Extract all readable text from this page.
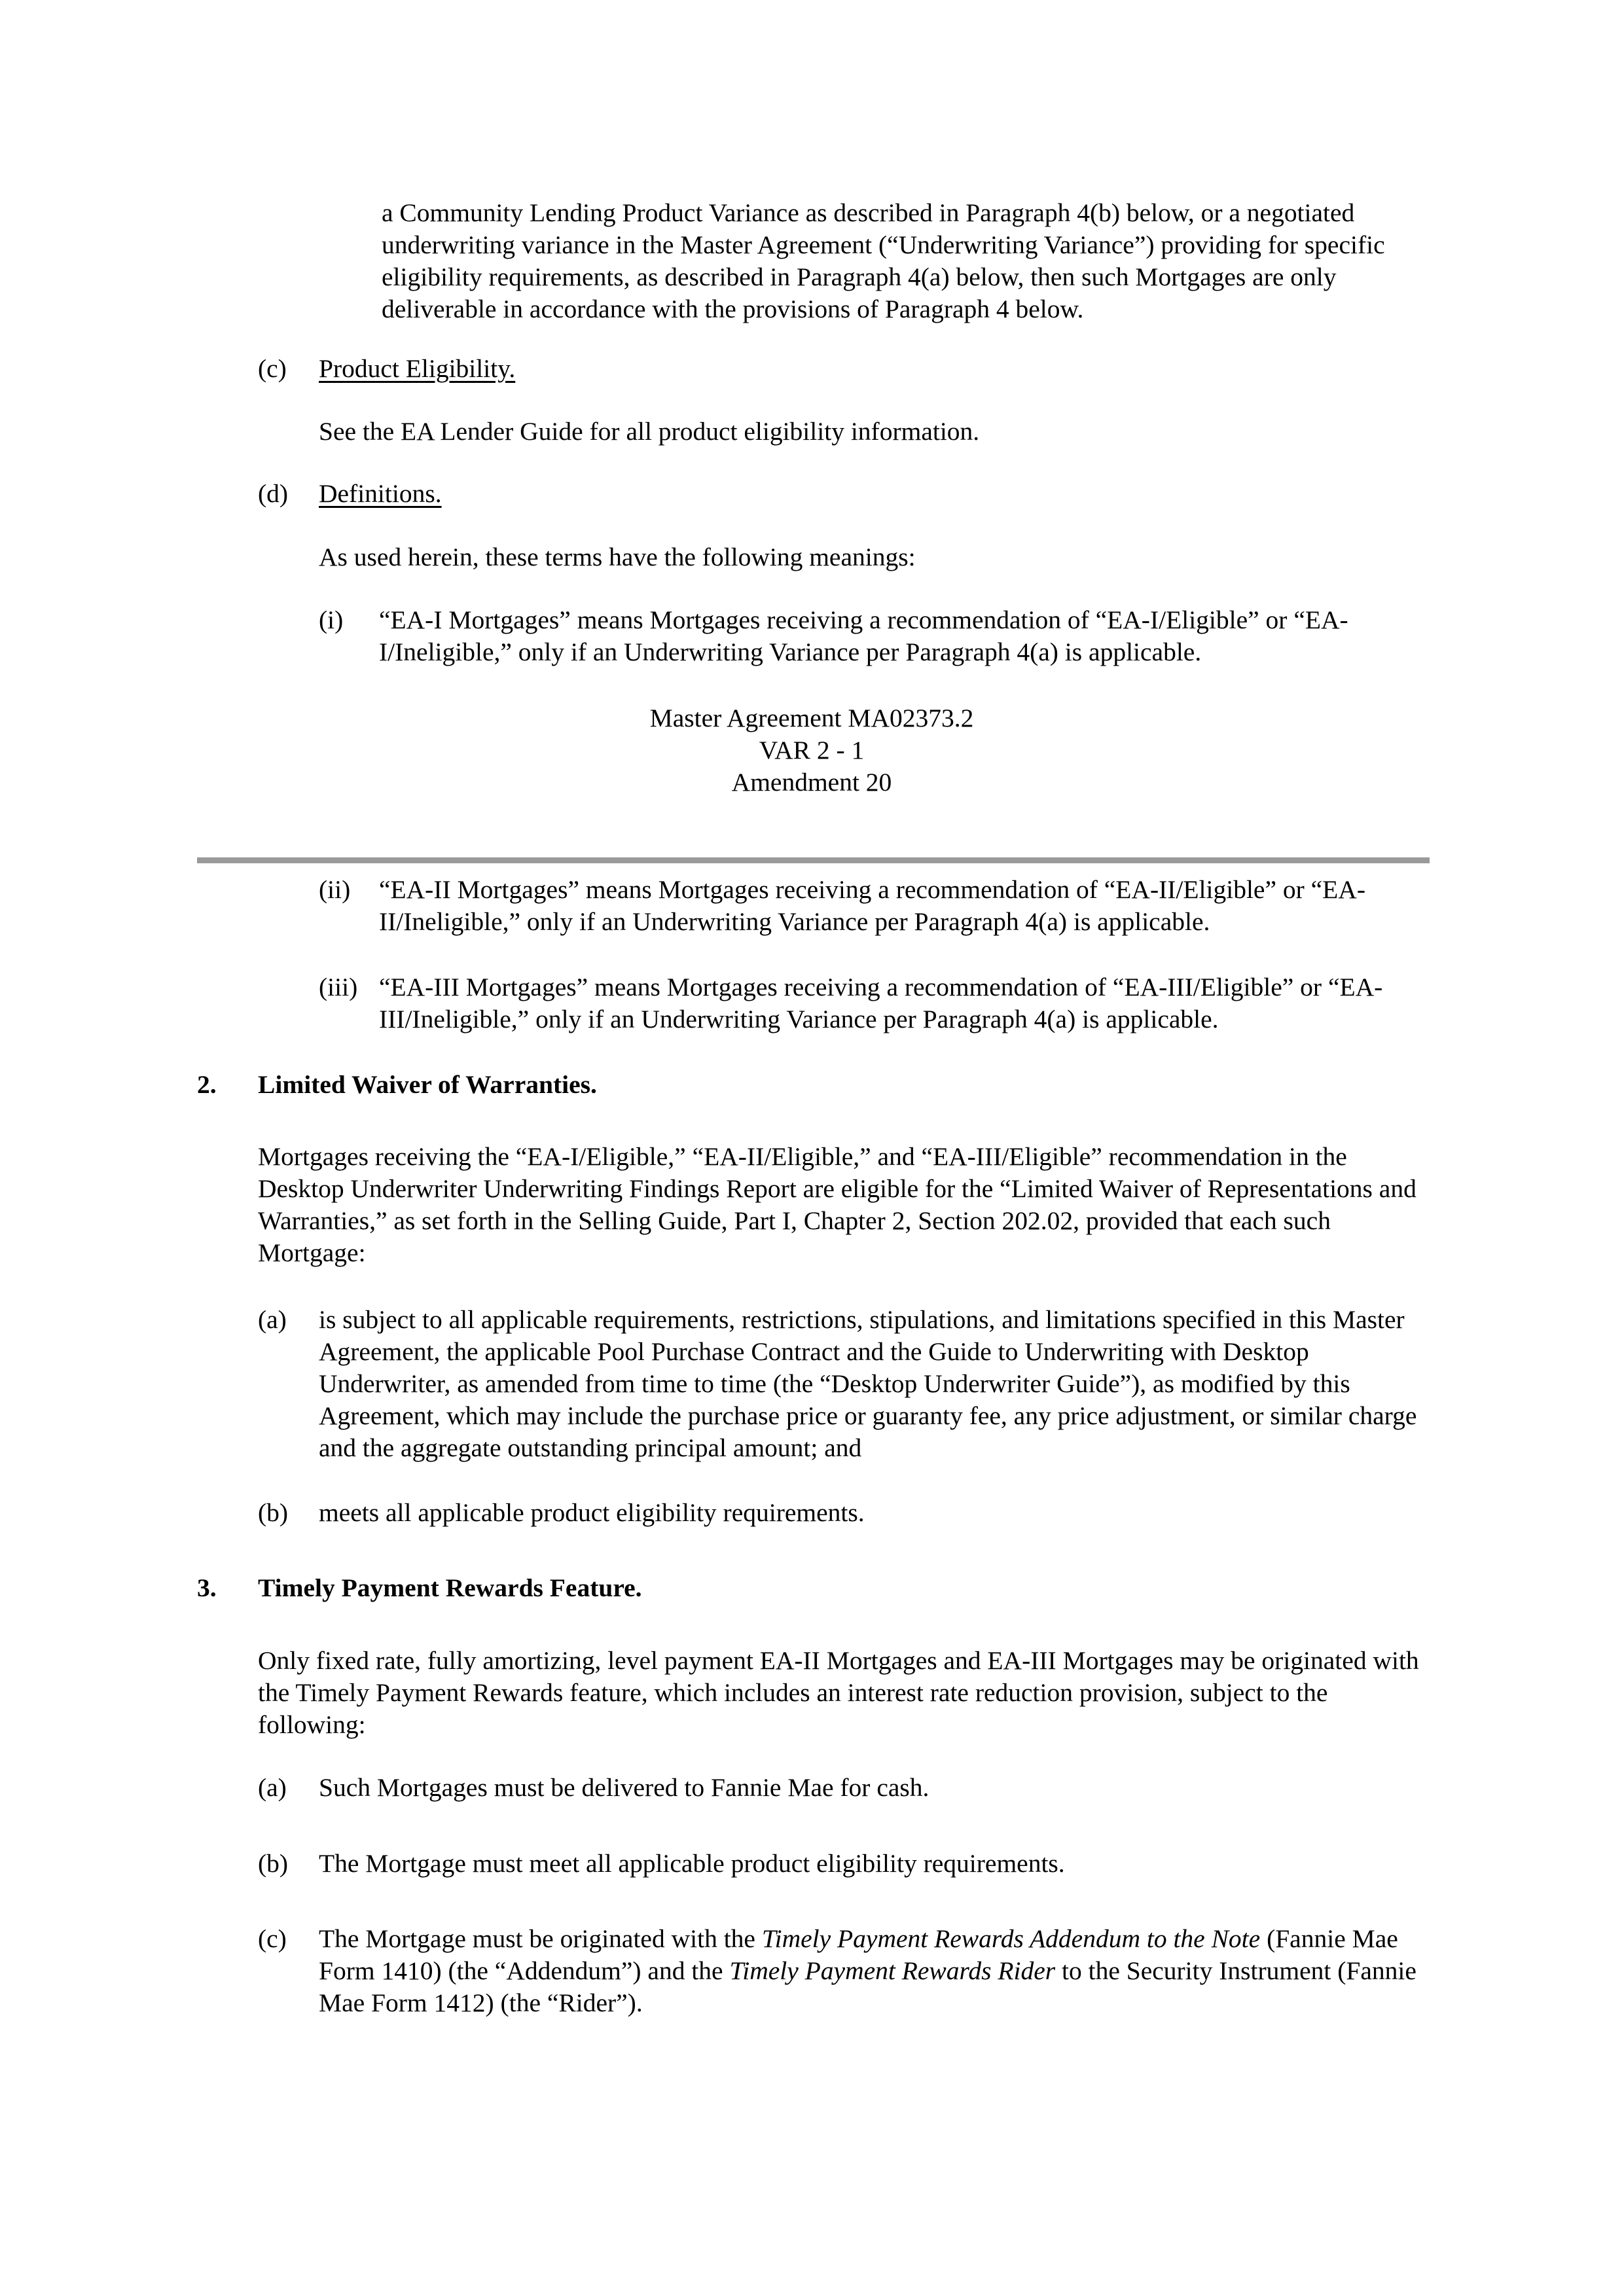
a Community Lending Product Variance as described in Paragraph 4(b) below, or a negotiated underwriting variance in the Master Agreement (“Underwriting Variance”) providing for specific eligibility requirements, as described in Paragraph 4(a) below, then such Mortgages are only deliverable in accordance with the provisions of Paragraph 4 below.

(c) Product Eligibility.

See the EA Lender Guide for all product eligibility information.

(d) Definitions.

As used herein, these terms have the following meanings:

(i) “EA-I Mortgages” means Mortgages receiving a recommendation of “EA-I/Eligible” or “EA-I/Ineligible,” only if an Underwriting Variance per Paragraph 4(a) is applicable.

Master Agreement MA02373.2
VAR 2 - 1
Amendment 20

(ii) “EA-II Mortgages” means Mortgages receiving a recommendation of “EA-II/Eligible” or “EA-II/Ineligible,” only if an Underwriting Variance per Paragraph 4(a) is applicable.

(iii) “EA-III Mortgages” means Mortgages receiving a recommendation of “EA-III/Eligible” or “EA-III/Ineligible,” only if an Underwriting Variance per Paragraph 4(a) is applicable.

2. Limited Waiver of Warranties.

Mortgages receiving the “EA-I/Eligible,” “EA-II/Eligible,” and “EA-III/Eligible” recommendation in the Desktop Underwriter Underwriting Findings Report are eligible for the “Limited Waiver of Representations and Warranties,” as set forth in the Selling Guide, Part I, Chapter 2, Section 202.02, provided that each such Mortgage:

(a) is subject to all applicable requirements, restrictions, stipulations, and limitations specified in this Master Agreement, the applicable Pool Purchase Contract and the Guide to Underwriting with Desktop Underwriter, as amended from time to time (the “Desktop Underwriter Guide”), as modified by this Agreement, which may include the purchase price or guaranty fee, any price adjustment, or similar charge and the aggregate outstanding principal amount; and

(b) meets all applicable product eligibility requirements.

3. Timely Payment Rewards Feature.

Only fixed rate, fully amortizing, level payment EA-II Mortgages and EA-III Mortgages may be originated with the Timely Payment Rewards feature, which includes an interest rate reduction provision, subject to the following:

(a) Such Mortgages must be delivered to Fannie Mae for cash.

(b) The Mortgage must meet all applicable product eligibility requirements.

(c) The Mortgage must be originated with the Timely Payment Rewards Addendum to the Note (Fannie Mae Form 1410) (the “Addendum”) and the Timely Payment Rewards Rider to the Security Instrument (Fannie Mae Form 1412) (the “Rider”).
